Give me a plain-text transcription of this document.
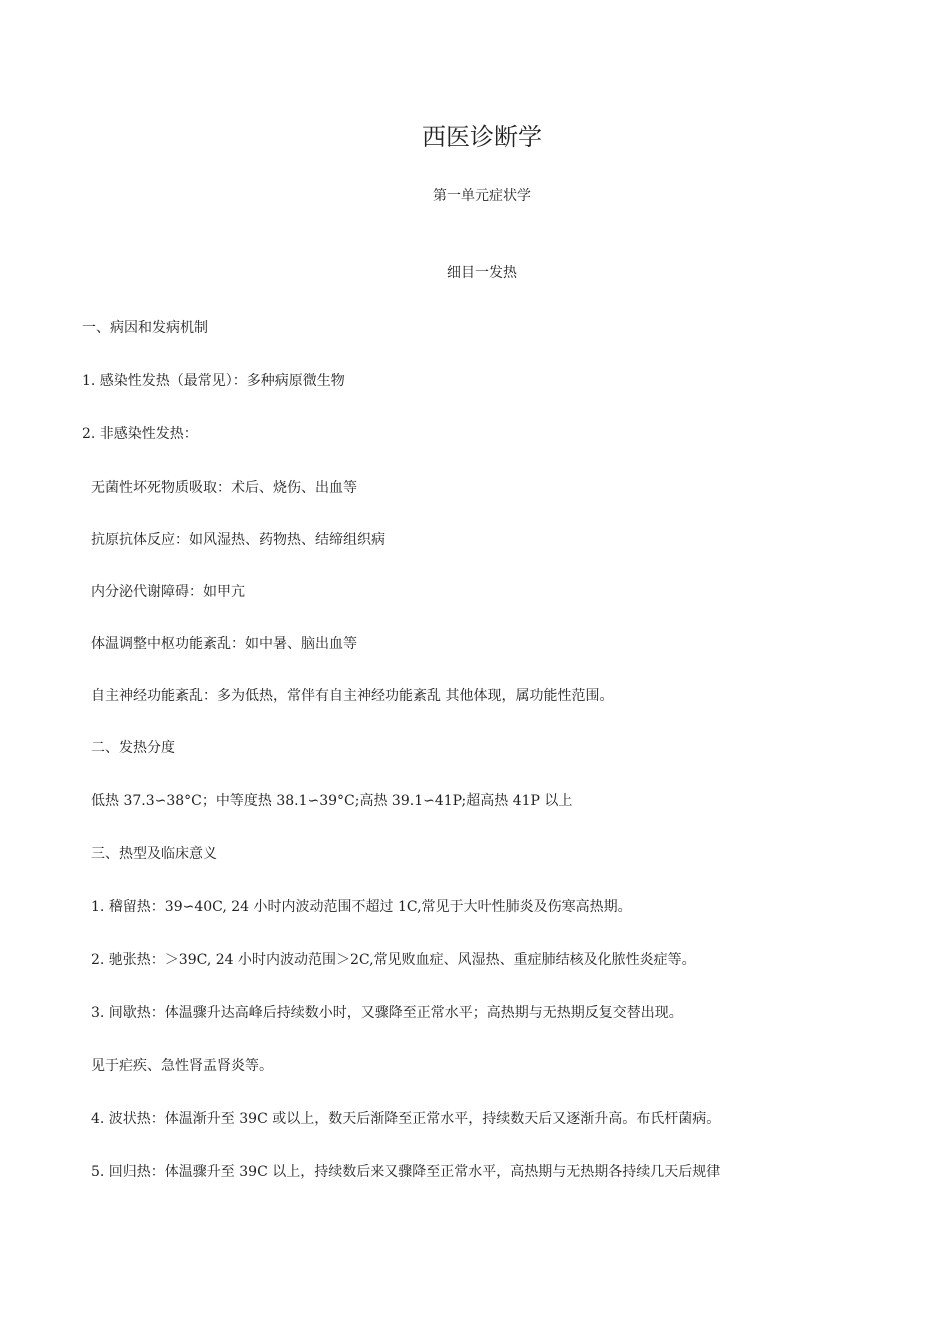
西医诊断学
第一单元症状学
细目一发热
一、病因和发病机制
1. 感染性发热（最常见）：多种病原微生物
2. 非感染性发热：
无菌性坏死物质吸取：术后、烧伤、出血等
抗原抗体反应：如风湿热、药物热、结缔组织病
内分泌代谢障碍：如甲亢
体温调整中枢功能紊乱：如中暑、脑出血等
自主神经功能紊乱：多为低热，常伴有自主神经功能紊乱 其他体现，属功能性范围。
二、发热分度
低热 37.3∽38°C；中等度热 38.1∽39°C;高热 39.1∽41P;超高热 41P 以上
三、热型及临床意义
1. 稽留热：39∽40C, 24 小时内波动范围不超过 1C,常见于大叶性肺炎及伤寒高热期。
2. 驰张热：＞39C, 24 小时内波动范围＞2C,常见败血症、风湿热、重症肺结核及化脓性炎症等。
3. 间歇热：体温骤升达高峰后持续数小时，又骤降至正常水平；高热期与无热期反复交替出现。
见于疟疾、急性肾盂肾炎等。
4. 波状热：体温渐升至 39C 或以上，数天后渐降至正常水平，持续数天后又逐渐升高。布氏杆菌病。
5. 回归热：体温骤升至 39C 以上，持续数后来又骤降至正常水平，高热期与无热期各持续几天后规律
